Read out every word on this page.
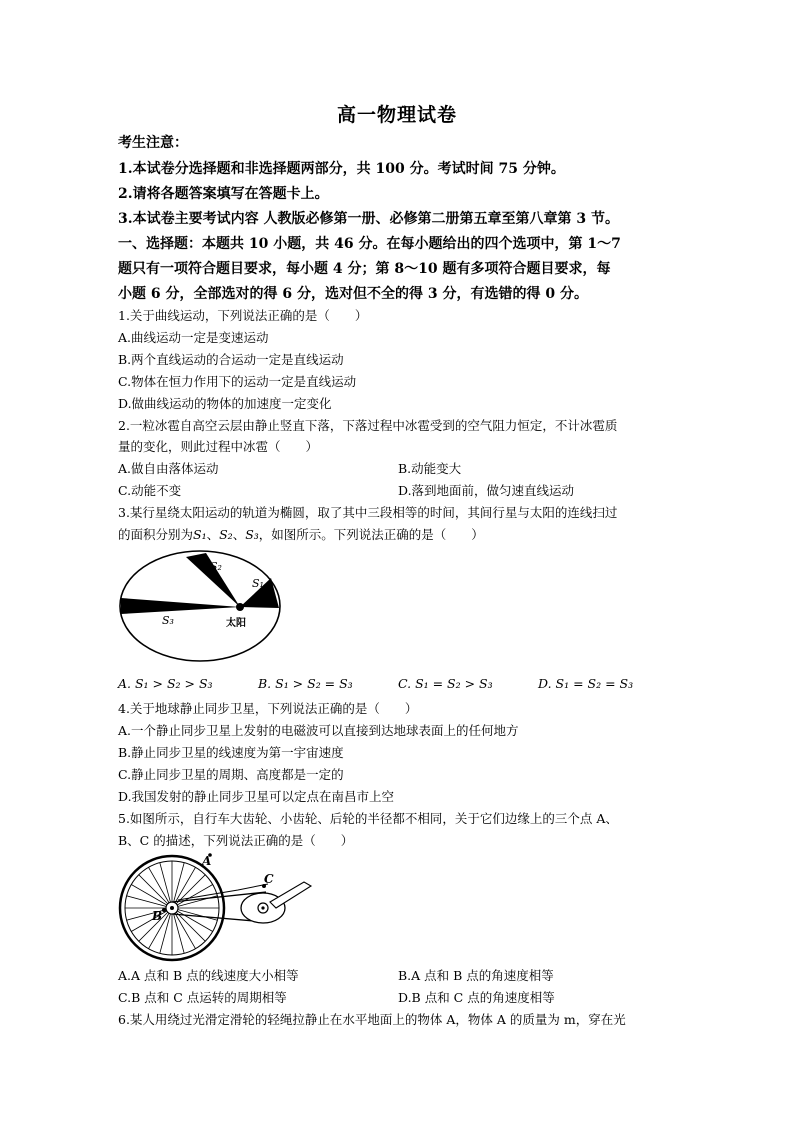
高一物理试卷
考生注意：
1.本试卷分选择题和非选择题两部分，共 100 分。考试时间 75 分钟。
2.请将各题答案填写在答题卡上。
3.本试卷主要考试内容 人教版必修第一册、必修第二册第五章至第八章第 3 节。
一、选择题：本题共 10 小题，共 46 分。在每小题给出的四个选项中，第 1～7
题只有一项符合题目要求，每小题 4 分；第 8～10 题有多项符合题目要求，每
小题 6 分，全部选对的得 6 分，选对但不全的得 3 分，有选错的得 0 分。
1.关于曲线运动，下列说法正确的是（　　）
A.曲线运动一定是变速运动
B.两个直线运动的合运动一定是直线运动
C.物体在恒力作用下的运动一定是直线运动
D.做曲线运动的物体的加速度一定变化
2.一粒冰雹自高空云层由静止竖直下落，下落过程中冰雹受到的空气阻力恒定，不计冰雹质
量的变化，则此过程中冰雹（　　）
A.做自由落体运动	B.动能变大
C.动能不变	D.落到地面前，做匀速直线运动
3.某行星绕太阳运动的轨道为椭圆，取了其中三段相等的时间，其间行星与太阳的连线扫过
的面积分别为S₁、S₂、S₃，如图所示。下列说法正确的是（　　）
S₂
S₁
S₃	太阳
A. S₁ > S₂ > S₃	B. S₁ > S₂ = S₃	C. S₁ = S₂ > S₃	D. S₁ = S₂ = S₃
4.关于地球静止同步卫星，下列说法正确的是（　　）
A.一个静止同步卫星上发射的电磁波可以直接到达地球表面上的任何地方
B.静止同步卫星的线速度为第一宇宙速度
C.静止同步卫星的周期、高度都是一定的
D.我国发射的静止同步卫星可以定点在南昌市上空
5.如图所示，自行车大齿轮、小齿轮、后轮的半径都不相同，关于它们边缘上的三个点 A、
B、C 的描述，下列说法正确的是（　　）
A
C
B
A.A 点和 B 点的线速度大小相等	B.A 点和 B 点的角速度相等
C.B 点和 C 点运转的周期相等	D.B 点和 C 点的角速度相等
6.某人用绕过光滑定滑轮的轻绳拉静止在水平地面上的物体 A，物体 A 的质量为 m，穿在光
